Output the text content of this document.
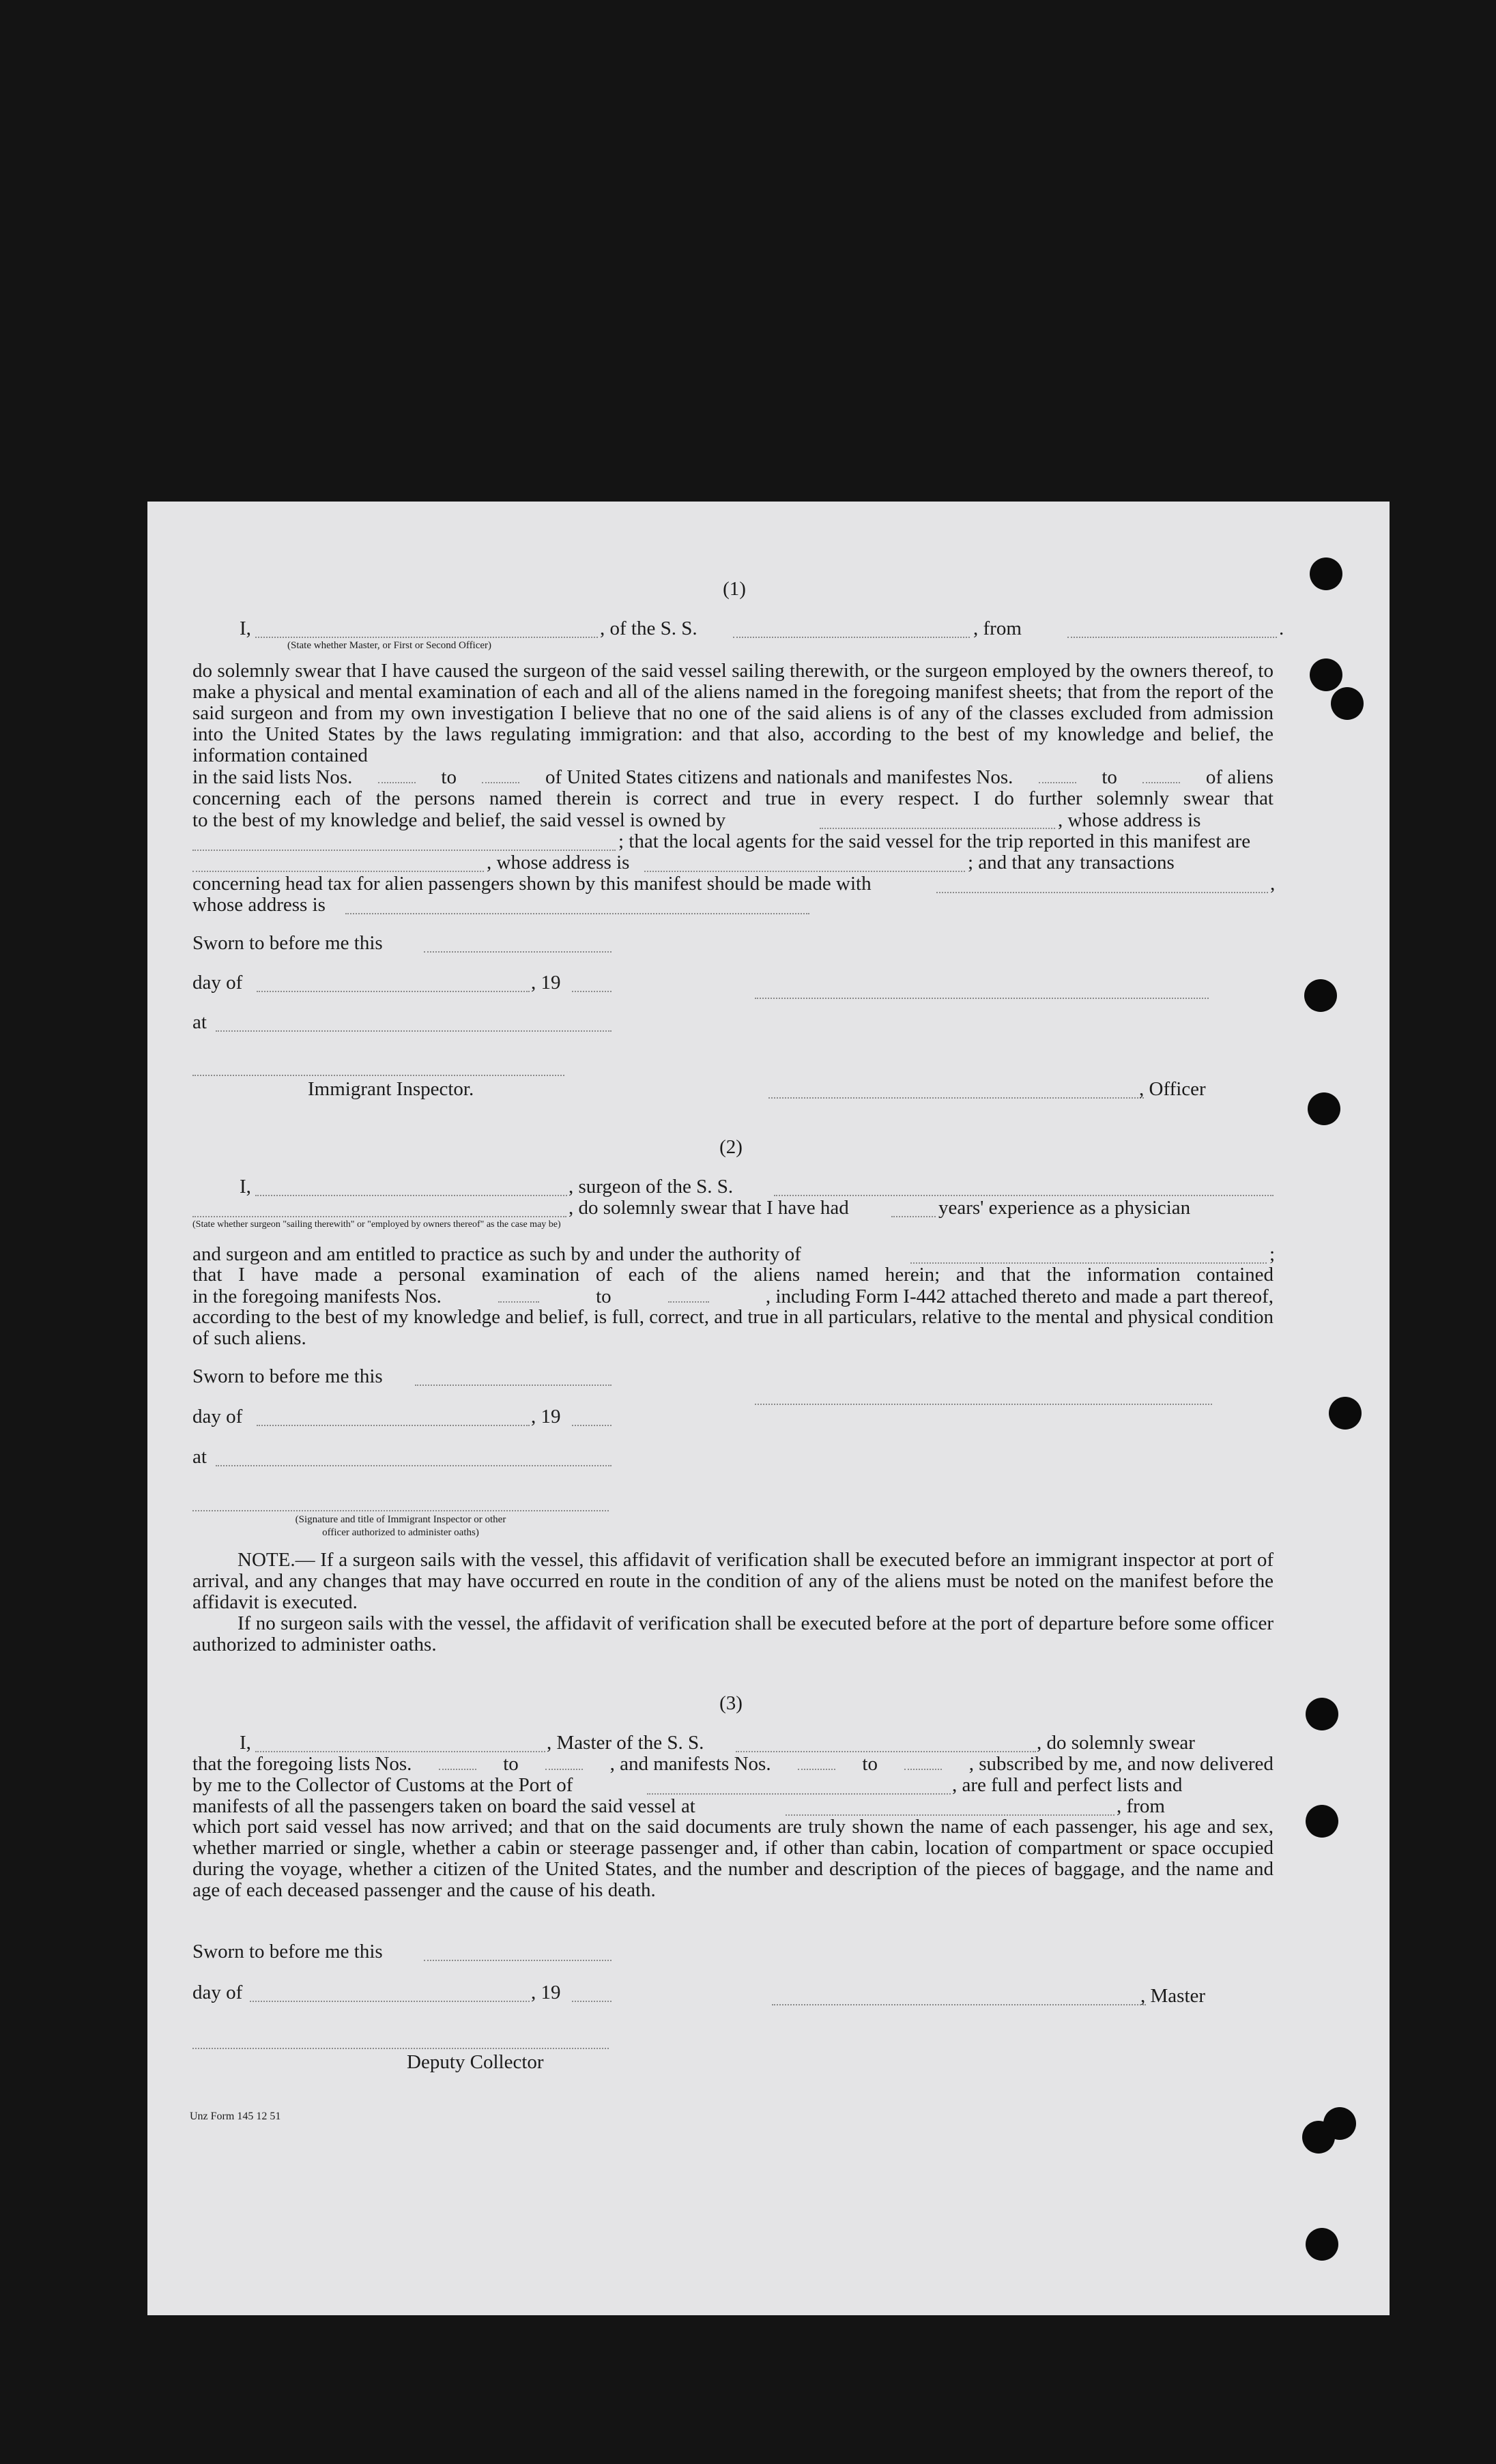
(1)
I,	, of the S. S.	, from	.
(State whether Master, or First or Second Officer)
do solemnly swear that I have caused the surgeon of the said vessel sailing therewith, or the surgeon employed by the owners thereof, to make a physical and mental examination of each and all of the aliens named in the foregoing manifest sheets; that from the report of the said surgeon and from my own investigation I believe that no one of the said aliens is of any of the classes excluded from admission into the United States by the laws regulating immigration: and that also, according to the best of my knowledge and belief, the information contained
in the said lists Nos.	to	of United States citizens and nationals and manifestes Nos.	to	of aliens
concerning each of the persons named therein is correct and true in every respect. I do further solemnly swear that
to the best of my knowledge and belief, the said vessel is owned by	, whose address is
; that the local agents for the said vessel for the trip reported in this manifest are
, whose address is	; and that any transactions
concerning head tax for alien passengers shown by this manifest should be made with	,
whose address is
Sworn to before me this
day of	, 19
at
Immigrant Inspector.	, Officer
(2)
I,	, surgeon of the S. S.
, do solemnly swear that I have had	years' experience as a physician
(State whether surgeon "sailing therewith" or "employed by owners thereof" as the case may be)
and surgeon and am entitled to practice as such by and under the authority of	;
that I have made a personal examination of each of the aliens named herein; and that the information contained
in the foregoing manifests Nos.	to	, including Form I-442 attached thereto and made a part thereof,
according to the best of my knowledge and belief, is full, correct, and true in all particulars, relative to the mental and physical condition of such aliens.
Sworn to before me this
day of	, 19
at
(Signature and title of Immigrant Inspector or other
officer authorized to administer oaths)
NOTE.— If a surgeon sails with the vessel, this affidavit of verification shall be executed before an immigrant inspector at port of arrival, and any changes that may have occurred en route in the condition of any of the aliens must be noted on the manifest before the affidavit is executed.
If no surgeon sails with the vessel, the affidavit of verification shall be executed before at the port of departure before some officer authorized to administer oaths.
(3)
I,	, Master of the S. S.	, do solemnly swear
that the foregoing lists Nos.	to	, and manifests Nos.	to	, subscribed by me, and now delivered
by me to the Collector of Customs at the Port of	, are full and perfect lists and
manifests of all the passengers taken on board the said vessel at	, from
which port said vessel has now arrived; and that on the said documents are truly shown the name of each passenger, his age and sex, whether married or single, whether a cabin or steerage passenger and, if other than cabin, location of compartment or space occupied during the voyage, whether a citizen of the United States, and the number and description of the pieces of baggage, and the name and age of each deceased passenger and the cause of his death.
Sworn to before me this
day of	, 19	, Master
Deputy Collector
Unz Form 145 12 51
